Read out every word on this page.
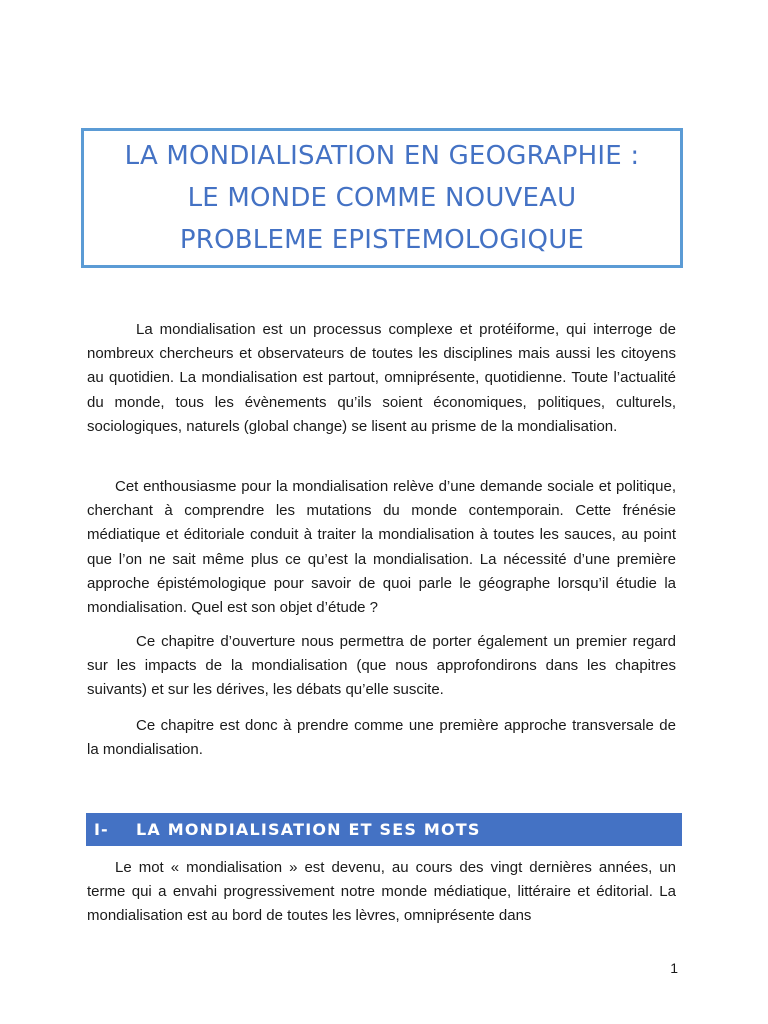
LA MONDIALISATION EN GEOGRAPHIE :
LE MONDE COMME NOUVEAU
PROBLEME EPISTEMOLOGIQUE

La mondialisation est un processus complexe et protéiforme, qui interroge de nombreux chercheurs et observateurs de toutes les disciplines mais aussi les citoyens au quotidien. La mondialisation est partout, omniprésente, quotidienne. Toute l’actualité du monde, tous les évènements qu’ils soient économiques, politiques, culturels, sociologiques, naturels (global change) se lisent au prisme de la mondialisation.

Cet enthousiasme pour la mondialisation relève d’une demande sociale et politique, cherchant à comprendre les mutations du monde contemporain. Cette frénésie médiatique et éditoriale conduit à traiter la mondialisation à toutes les sauces, au point que l’on ne sait même plus ce qu’est la mondialisation. La nécessité d’une première approche épistémologique pour savoir de quoi parle le géographe lorsqu’il étudie la mondialisation. Quel est son objet d’étude ?

Ce chapitre d’ouverture nous permettra de porter également un premier regard sur les impacts de la mondialisation (que nous approfondirons dans les chapitres suivants) et sur les dérives, les débats qu’elle suscite.

Ce chapitre est donc à prendre comme une première approche transversale de la mondialisation.

I-	LA MONDIALISATION ET SES MOTS

Le mot « mondialisation » est devenu, au cours des vingt dernières années, un terme qui a envahi progressivement notre monde médiatique, littéraire et éditorial. La mondialisation est au bord de toutes les lèvres, omniprésente dans

1
